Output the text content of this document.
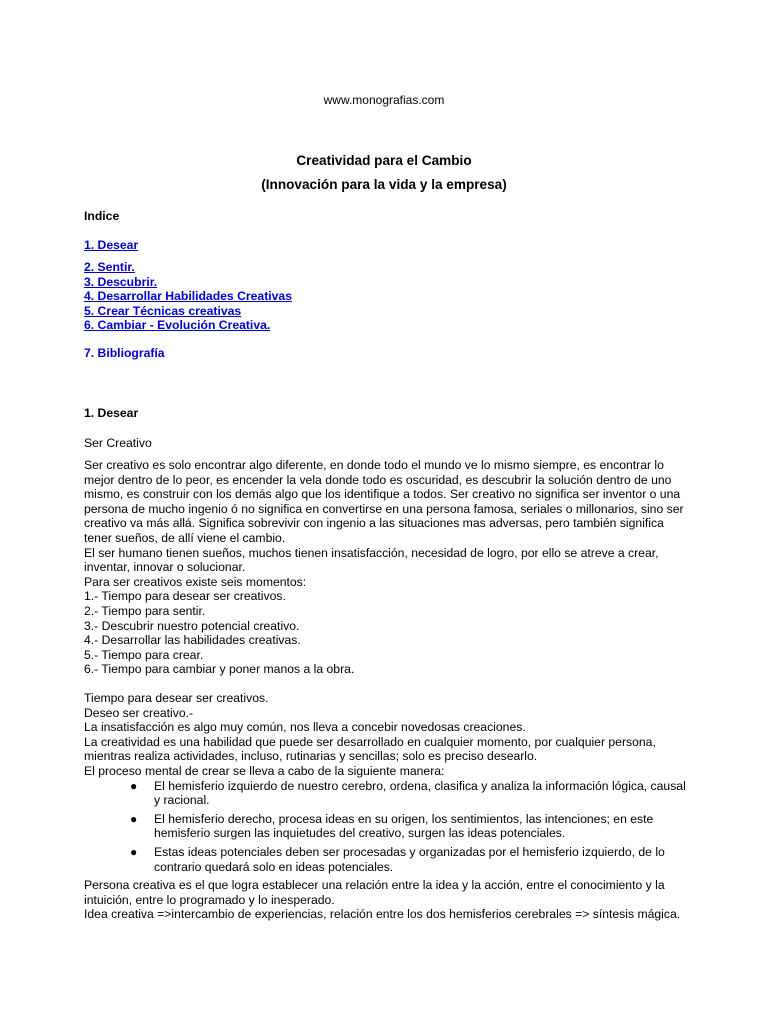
www.monografias.com
Creatividad para el Cambio
(Innovación para la vida y la empresa)
Indice
1. Desear
2. Sentir.
3. Descubrir.
4. Desarrollar Habilidades Creativas
5. Crear Técnicas creativas
6. Cambiar - Evolución Creativa.
7. Bibliografía
1. Desear
Ser Creativo

Ser creativo es solo encontrar algo diferente, en donde todo el mundo ve lo mismo siempre, es encontrar lo mejor dentro de lo peor, es encender la vela donde todo es oscuridad, es descubrir la solución dentro de uno mismo, es construir con los demás algo que los identifique a todos. Ser creativo no significa ser inventor o una persona de mucho ingenio ó no significa en convertirse en una persona famosa, seriales o millonarios, sino ser creativo va más allá. Significa sobrevivir con ingenio a las situaciones mas adversas, pero también significa tener sueños, de allí viene el cambio.

El ser humano tienen sueños, muchos tienen insatisfacción, necesidad de logro, por ello se atreve a crear, inventar, innovar o solucionar.

Para ser creativos existe seis momentos:

1.- Tiempo para desear ser creativos.

2.- Tiempo para sentir.

3.- Descubrir nuestro potencial creativo.

4.- Desarrollar las habilidades creativas.

5.- Tiempo para crear.

6.- Tiempo para cambiar y poner manos a la obra.

Tiempo para desear ser creativos.

Deseo ser creativo.-

La insatisfacción es algo muy común, nos lleva a concebir novedosas creaciones.

La creatividad es una habilidad que puede ser desarrollado en cualquier momento, por cualquier persona, mientras realiza actividades, incluso, rutinarias y sencillas; solo es preciso desearlo.

El proceso mental de crear se lleva a cabo de la siguiente manera:

● El hemisferio izquierdo de nuestro cerebro, ordena, clasifica y analiza la información lógica, causal y racional.
● El hemisferio derecho, procesa ideas en su origen, los sentimientos, las intenciones; en este hemisferio surgen las inquietudes del creativo, surgen las ideas potenciales.
● Estas ideas potenciales deben ser procesadas y organizadas por el hemisferio izquierdo, de lo contrario quedará solo en ideas potenciales.

Persona creativa es el que logra establecer una relación entre la idea y la acción, entre el conocimiento y la intuición, entre lo programado y lo inesperado.

Idea creativa =>intercambio de experiencias, relación entre los dos hemisferios cerebrales => síntesis mágica.
